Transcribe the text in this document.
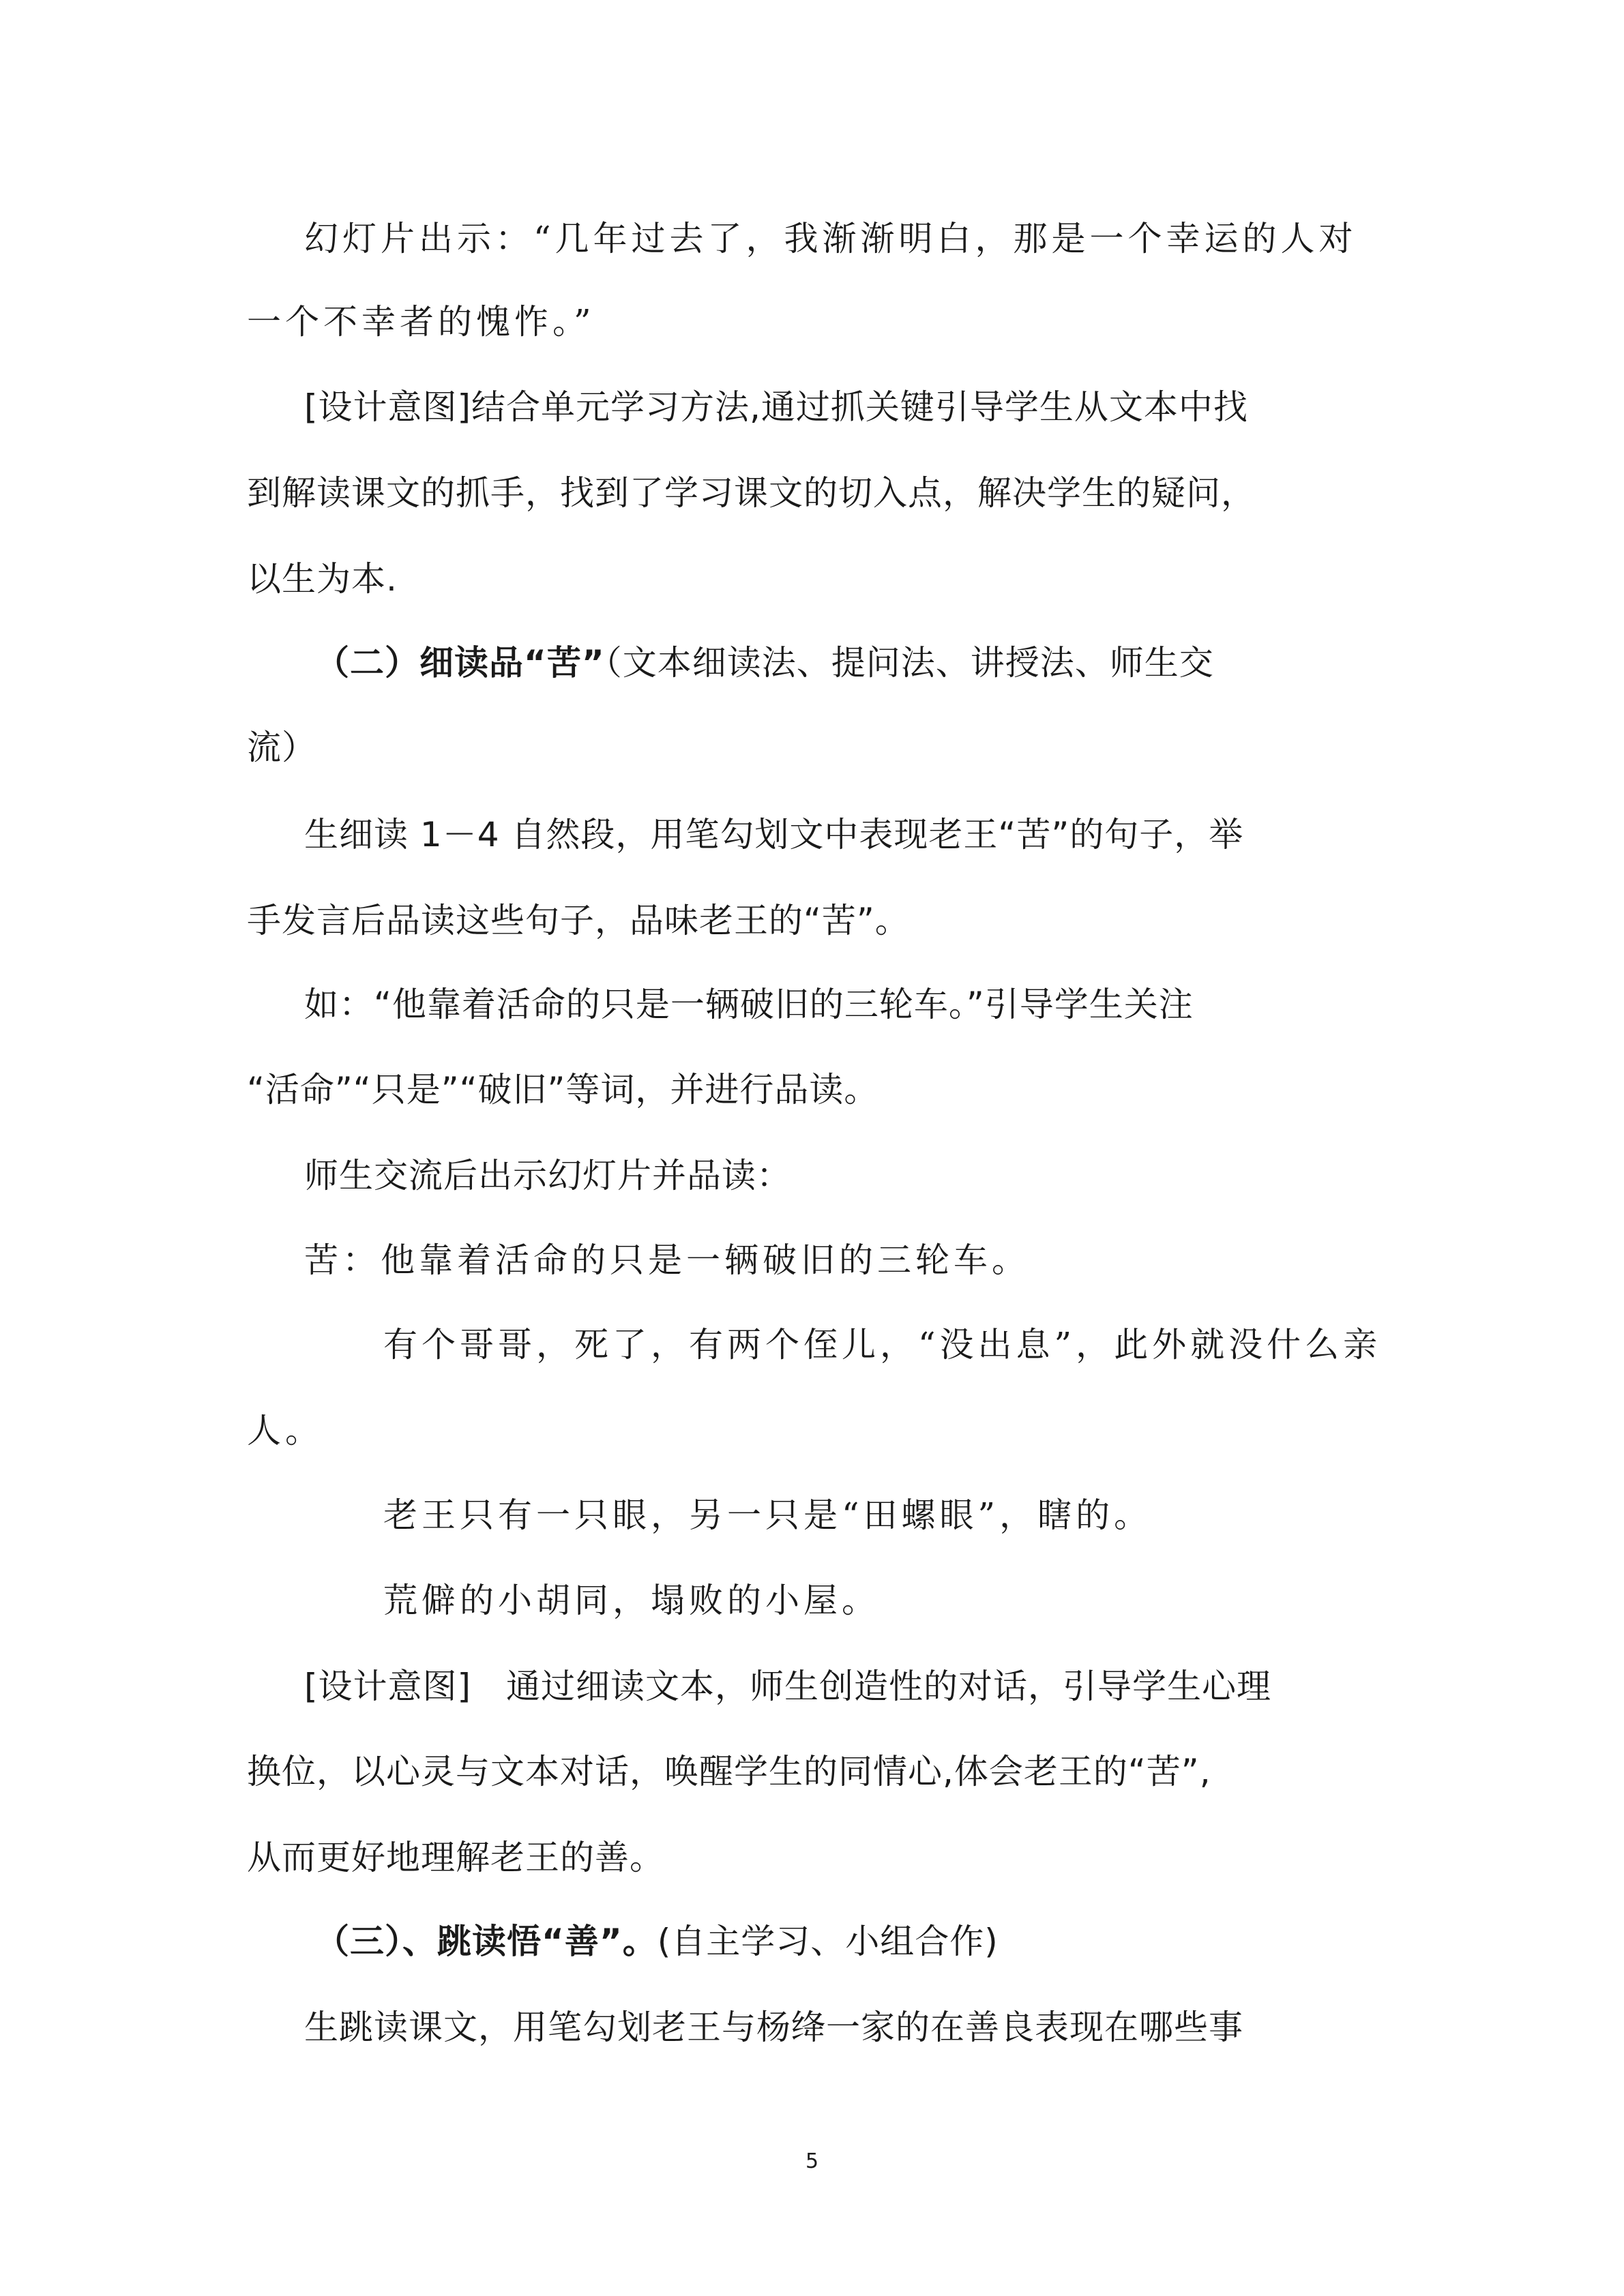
幻灯片出示：“几年过去了，我渐渐明白，那是一个幸运的人对
一个不幸者的愧怍。”
[设计意图]结合单元学习方法,通过抓关键引导学生从文本中找
到解读课文的抓手，找到了学习课文的切入点，解决学生的疑问，
以生为本.
（二）细读品“苦”（文本细读法、提问法、讲授法、师生交
流）
生细读 1－4 自然段，用笔勾划文中表现老王“苦”的句子，举
手发言后品读这些句子，品味老王的“苦”。
如：“他靠着活命的只是一辆破旧的三轮车。”引导学生关注
“活命”“只是”“破旧”等词，并进行品读。
师生交流后出示幻灯片并品读：
苦：他靠着活命的只是一辆破旧的三轮车。
有个哥哥，死了，有两个侄儿，“没出息”，此外就没什么亲
人。
老王只有一只眼，另一只是“田螺眼”，瞎的。
荒僻的小胡同，塌败的小屋。
[设计意图]　通过细读文本，师生创造性的对话，引导学生心理
换位，以心灵与文本对话，唤醒学生的同情心,体会老王的“苦”,
从而更好地理解老王的善。
（三）、跳读悟“善”。(自主学习、小组合作)
生跳读课文，用笔勾划老王与杨绛一家的在善良表现在哪些事
5
